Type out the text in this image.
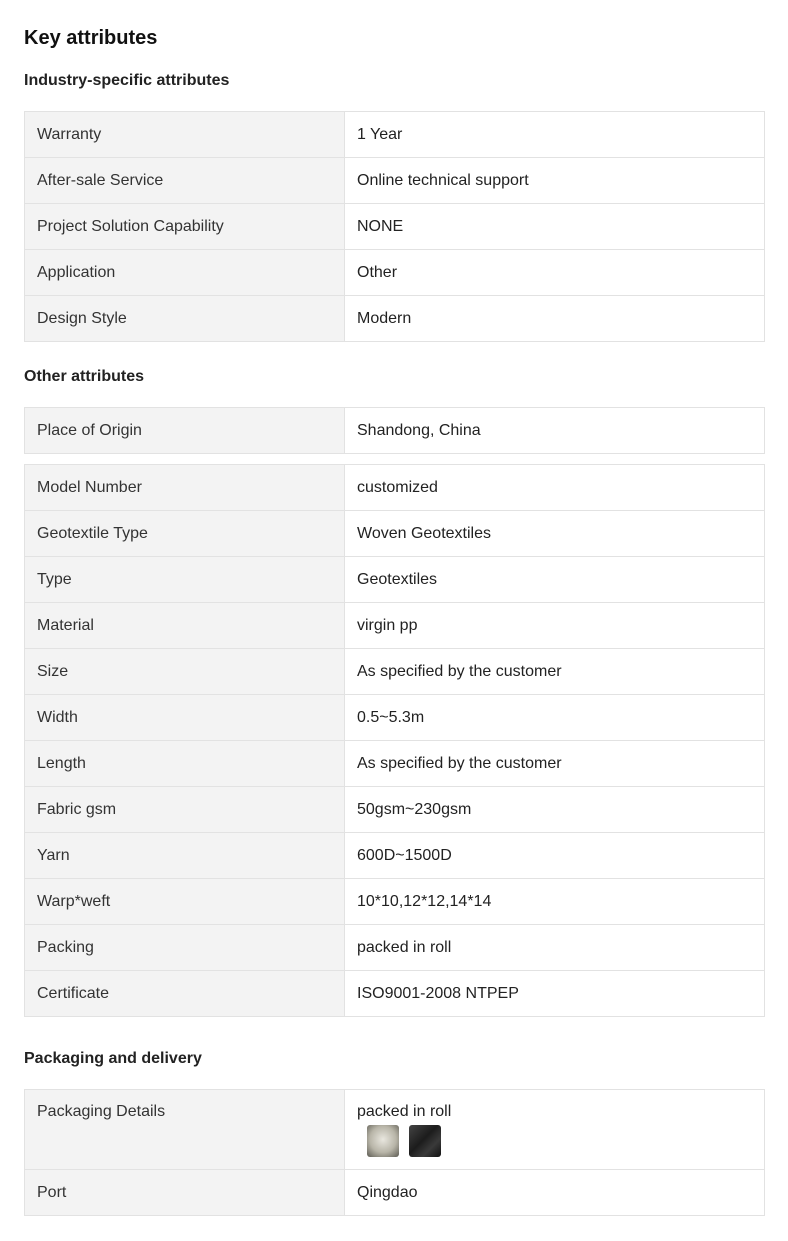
Key attributes
Industry-specific attributes
Warranty	1 Year
After-sale Service	Online technical support
Project Solution Capability	NONE
Application	Other
Design Style	Modern
Other attributes
Place of Origin	Shandong, China
Model Number	customized
Geotextile Type	Woven Geotextiles
Type	Geotextiles
Material	virgin pp
Size	As specified by the customer
Width	0.5~5.3m
Length	As specified by the customer
Fabric gsm	50gsm~230gsm
Yarn	600D~1500D
Warp*weft	10*10,12*12,14*14
Packing	packed in roll
Certificate	ISO9001-2008 NTPEP
Packaging and delivery
Packaging Details	packed in roll

Port	Qingdao
